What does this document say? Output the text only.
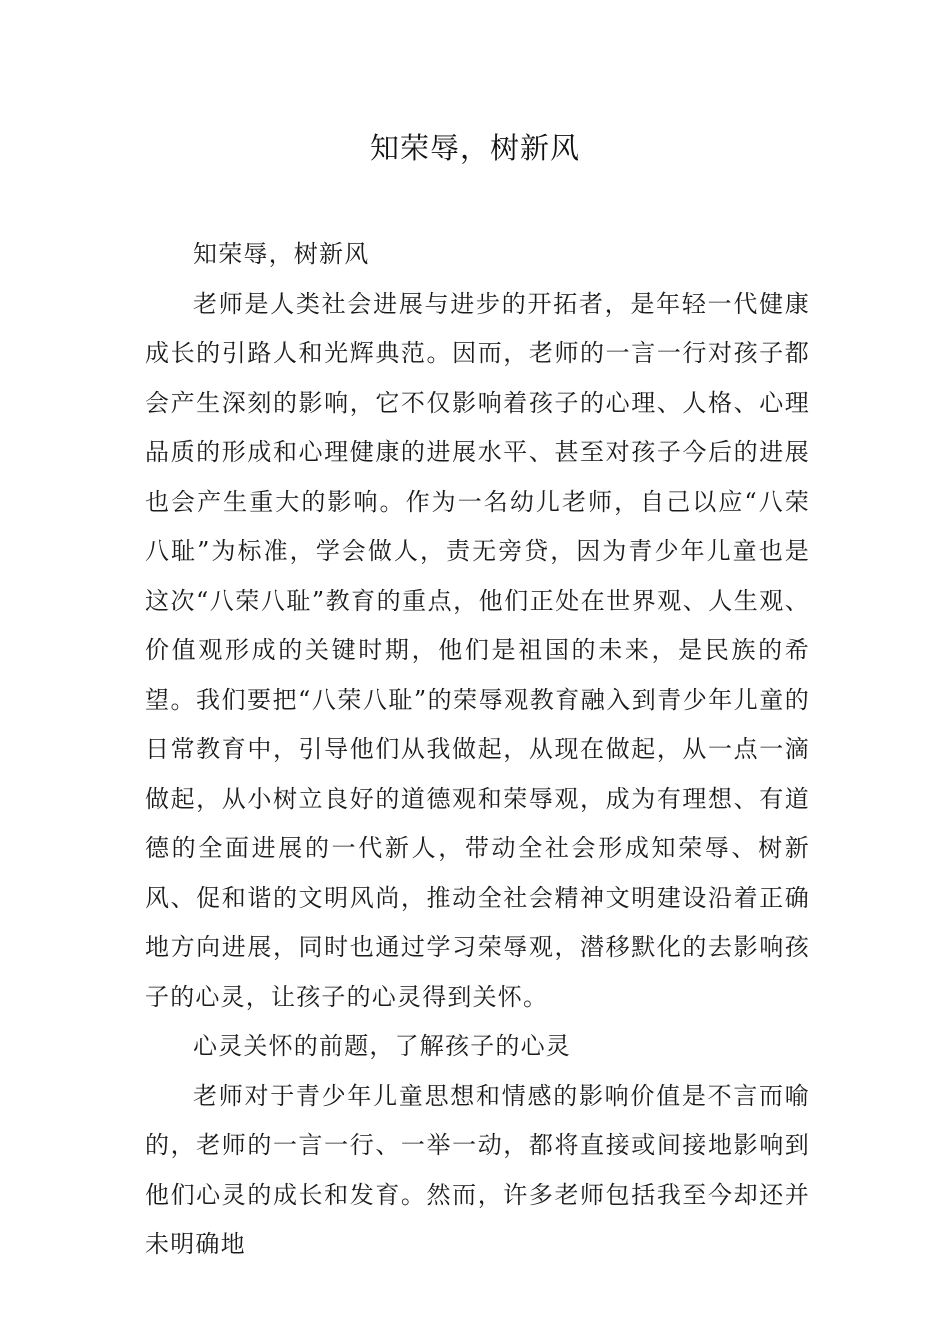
知荣辱，树新风

知荣辱，树新风

老师是人类社会进展与进步的开拓者，是年轻一代健康成长的引路人和光辉典范。因而，老师的一言一行对孩子都会产生深刻的影响，它不仅影响着孩子的心理、人格、心理品质的形成和心理健康的进展水平、甚至对孩子今后的进展也会产生重大的影响。作为一名幼儿老师，自己以应“八荣八耻”为标准，学会做人，责无旁贷，因为青少年儿童也是这次“八荣八耻”教育的重点，他们正处在世界观、人生观、价值观形成的关键时期，他们是祖国的未来，是民族的希望。我们要把“八荣八耻”的荣辱观教育融入到青少年儿童的日常教育中，引导他们从我做起，从现在做起，从一点一滴做起，从小树立良好的道德观和荣辱观，成为有理想、有道德的全面进展的一代新人，带动全社会形成知荣辱、树新风、促和谐的文明风尚，推动全社会精神文明建设沿着正确地方向进展，同时也通过学习荣辱观，潜移默化的去影响孩子的心灵，让孩子的心灵得到关怀。

心灵关怀的前题，了解孩子的心灵

老师对于青少年儿童思想和情感的影响价值是不言而喻的，老师的一言一行、一举一动，都将直接或间接地影响到他们心灵的成长和发育。然而，许多老师包括我至今却还并未明确地
